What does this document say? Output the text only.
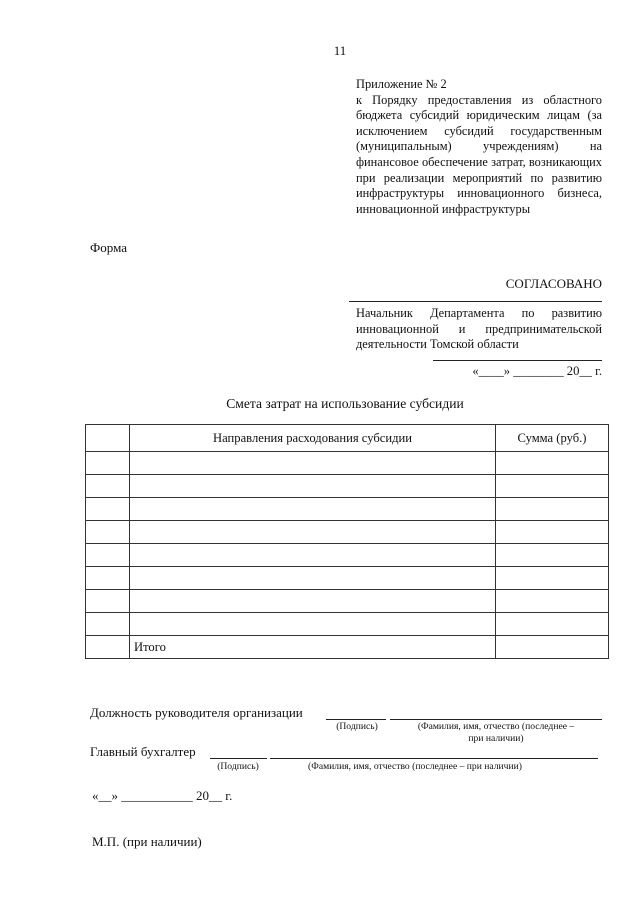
11
Приложение № 2
к Порядку предоставления из областного бюджета субсидий юридическим лицам (за исключением субсидий государственным (муниципальным) учреждениям) на финансовое обеспечение затрат, возникающих при реализации мероприятий по развитию инфраструктуры инновационного бизнеса, инновационной инфраструктуры
Форма
СОГЛАСОВАНО
Начальник Департамента по развитию инновационной и предпринимательской деятельности Томской области
«____» ________ 20__ г.
Смета затрат на использование субсидии
	Направления расходования субсидии	Сумма (руб.)

	Итого	
Должность руководителя организации
(Подпись)	(Фамилия, имя, отчество (последнее –
при наличии)
Главный бухгалтер
(Подпись)	(Фамилия, имя, отчество (последнее – при наличии)
«__» ___________ 20__ г.
М.П. (при наличии)
